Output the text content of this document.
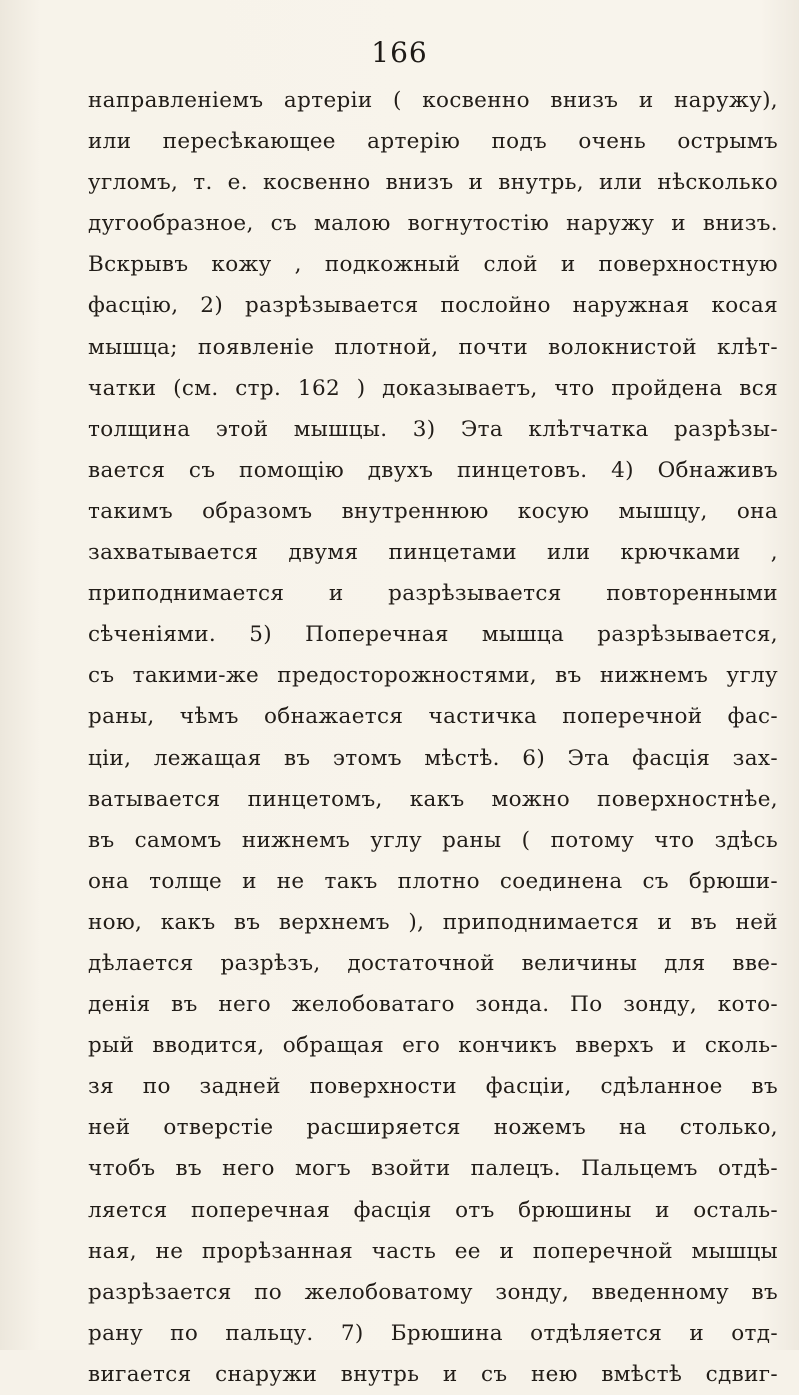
166
направленіемъ артеріи ( косвенно внизъ и наружу),
или пересѣкающее артерію подъ очень острымъ
угломъ, т. е. косвенно внизъ и внутрь, или нѣсколько
дугообразное, съ малою вогнутостію наружу и внизъ.
Вскрывъ кожу , подкожный слой и поверхностную
фасцію, 2) разрѣзывается послойно наружная косая
мышца; появленіе плотной, почти волокнистой клѣт-
чатки (см. стр. 162 ) доказываетъ, что пройдена вся
толщина этой мышцы. 3) Эта клѣтчатка разрѣзы-
вается съ помощію двухъ пинцетовъ. 4) Обнаживъ
такимъ образомъ внутреннюю косую мышцу, она
захватывается двумя пинцетами или крючками ,
приподнимается и разрѣзывается повторенными
сѣченіями. 5) Поперечная мышца разрѣзывается,
съ такими-же предосторожностями, въ нижнемъ углу
раны, чѣмъ обнажается частичка поперечной фас-
ціи, лежащая въ этомъ мѣстѣ. 6) Эта фасція зах-
ватывается пинцетомъ, какъ можно поверхностнѣе,
въ самомъ нижнемъ углу раны ( потому что здѣсь
она толще и не такъ плотно соединена съ брюши-
ною, какъ въ верхнемъ ), приподнимается и въ ней
дѣлается разрѣзъ, достаточной величины для вве-
денія въ него желобоватаго зонда. По зонду, кото-
рый вводится, обращая его кончикъ вверхъ и сколь-
зя по задней поверхности фасціи, сдѣланное въ
ней отверстіе расширяется ножемъ на столько,
чтобъ въ него могъ взойти палецъ. Пальцемъ отдѣ-
ляется поперечная фасція отъ брюшины и осталь-
ная, не прорѣзанная часть ее и поперечной мышцы
разрѣзается по желобоватому зонду, введенному въ
рану по пальцу. 7) Брюшина отдѣляется и отд-
вигается снаружи внутрь и съ нею вмѣстѣ сдвиг-
